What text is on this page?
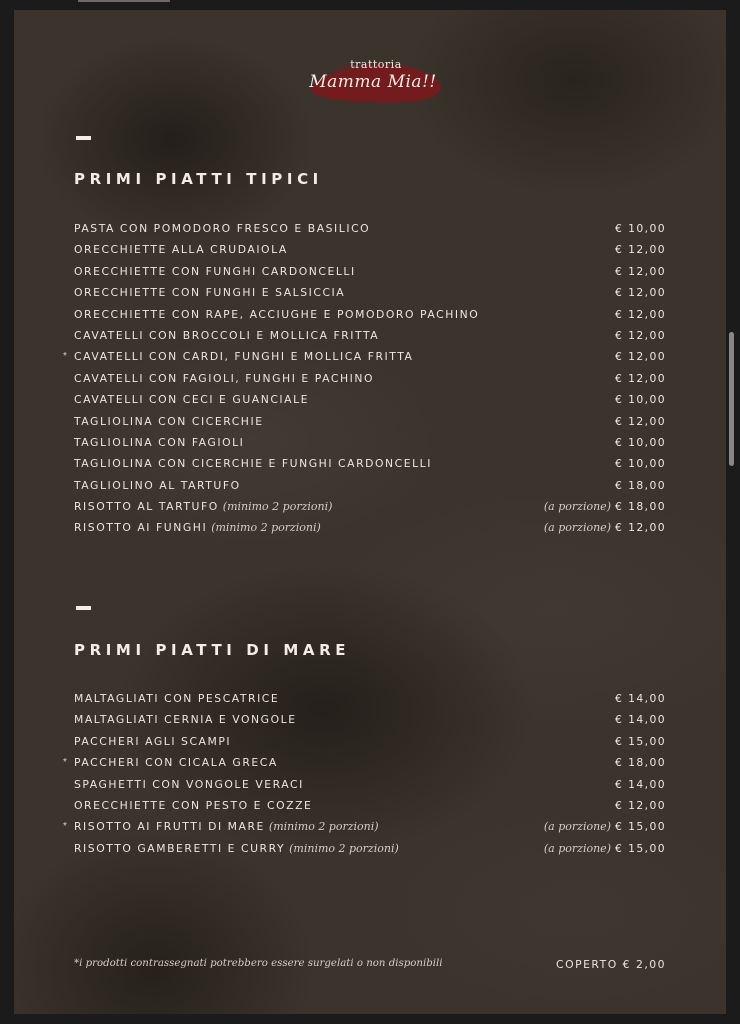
trattoria
Mamma Mia!!
PRIMI PIATTI TIPICI
PASTA CON POMODORO FRESCO E BASILICO	€ 10,00
ORECCHIETTE ALLA CRUDAIOLA	€ 12,00
ORECCHIETTE CON FUNGHI CARDONCELLI	€ 12,00
ORECCHIETTE CON FUNGHI E SALSICCIA	€ 12,00
ORECCHIETTE CON RAPE, ACCIUGHE E POMODORO PACHINO	€ 12,00
CAVATELLI CON BROCCOLI E MOLLICA FRITTA	€ 12,00
* CAVATELLI CON CARDI, FUNGHI E MOLLICA FRITTA	€ 12,00
CAVATELLI CON FAGIOLI, FUNGHI E PACHINO	€ 12,00
CAVATELLI CON CECI E GUANCIALE	€ 10,00
TAGLIOLINA CON CICERCHIE	€ 12,00
TAGLIOLINA CON FAGIOLI	€ 10,00
TAGLIOLINA CON CICERCHIE E FUNGHI CARDONCELLI	€ 10,00
TAGLIOLINO AL TARTUFO	€ 18,00
RISOTTO AL TARTUFO (minimo 2 porzioni)	(a porzione) € 18,00
RISOTTO AI FUNGHI (minimo 2 porzioni)	(a porzione) € 12,00
PRIMI PIATTI DI MARE
MALTAGLIATI CON PESCATRICE	€ 14,00
MALTAGLIATI CERNIA E VONGOLE	€ 14,00
PACCHERI AGLI SCAMPI	€ 15,00
* PACCHERI CON CICALA GRECA	€ 18,00
SPAGHETTI CON VONGOLE VERACI	€ 14,00
ORECCHIETTE CON PESTO E COZZE	€ 12,00
* RISOTTO AI FRUTTI DI MARE (minimo 2 porzioni)	(a porzione) € 15,00
RISOTTO GAMBERETTI E CURRY (minimo 2 porzioni)	(a porzione) € 15,00
*i prodotti contrassegnati potrebbero essere surgelati o non disponibili	COPERTO € 2,00
